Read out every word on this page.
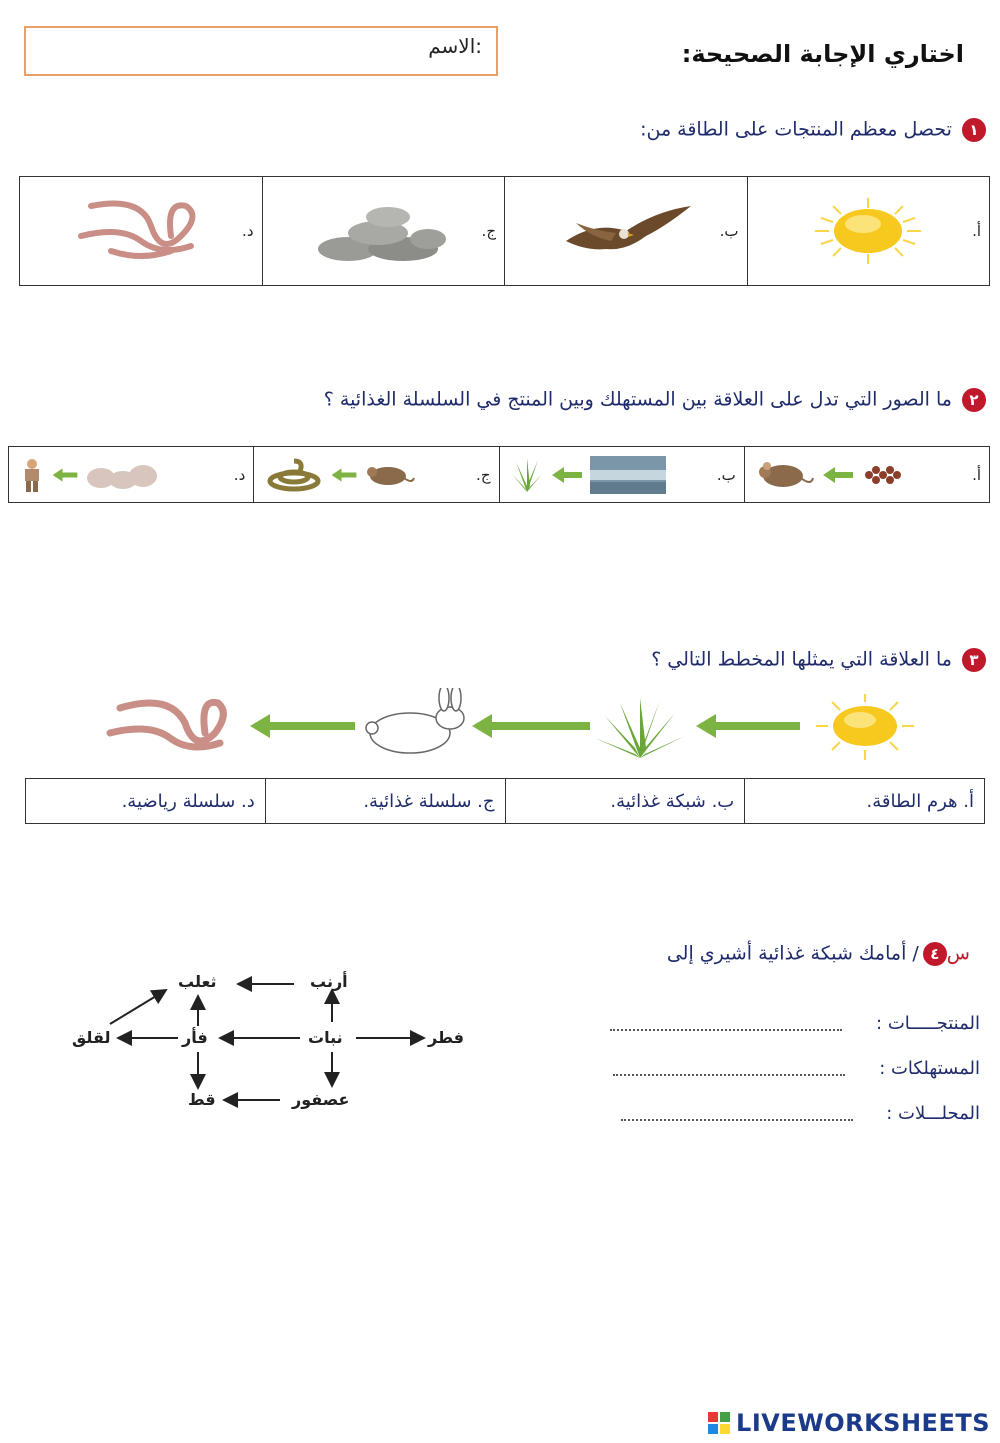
الاسم:	اختاري الإجابة الصحيحة:
١ تحصل معظم المنتجات على الطاقة من:
أ.

ب.

ج.

د.
٢ ما الصور التي تدل على العلاقة بين المستهلك وبين المنتج في السلسلة الغذائية ؟
أ.

ب.

ج.

د.
٣ ما العلاقة التي يمثلها المخطط التالي ؟
أ. هرم الطاقة.	ب. شبكة غذائية.	ج. سلسلة غذائية.	د. سلسلة رياضية.
س٤/ أمامك شبكة غذائية أشيري إلى
المنتجـــــات :
المستهلكات :
المحلـــلات :
فطر
نبات
أرنب
فأر
ثعلب
لقلق
عصفور
قط
LIVEWORKSHEETS
